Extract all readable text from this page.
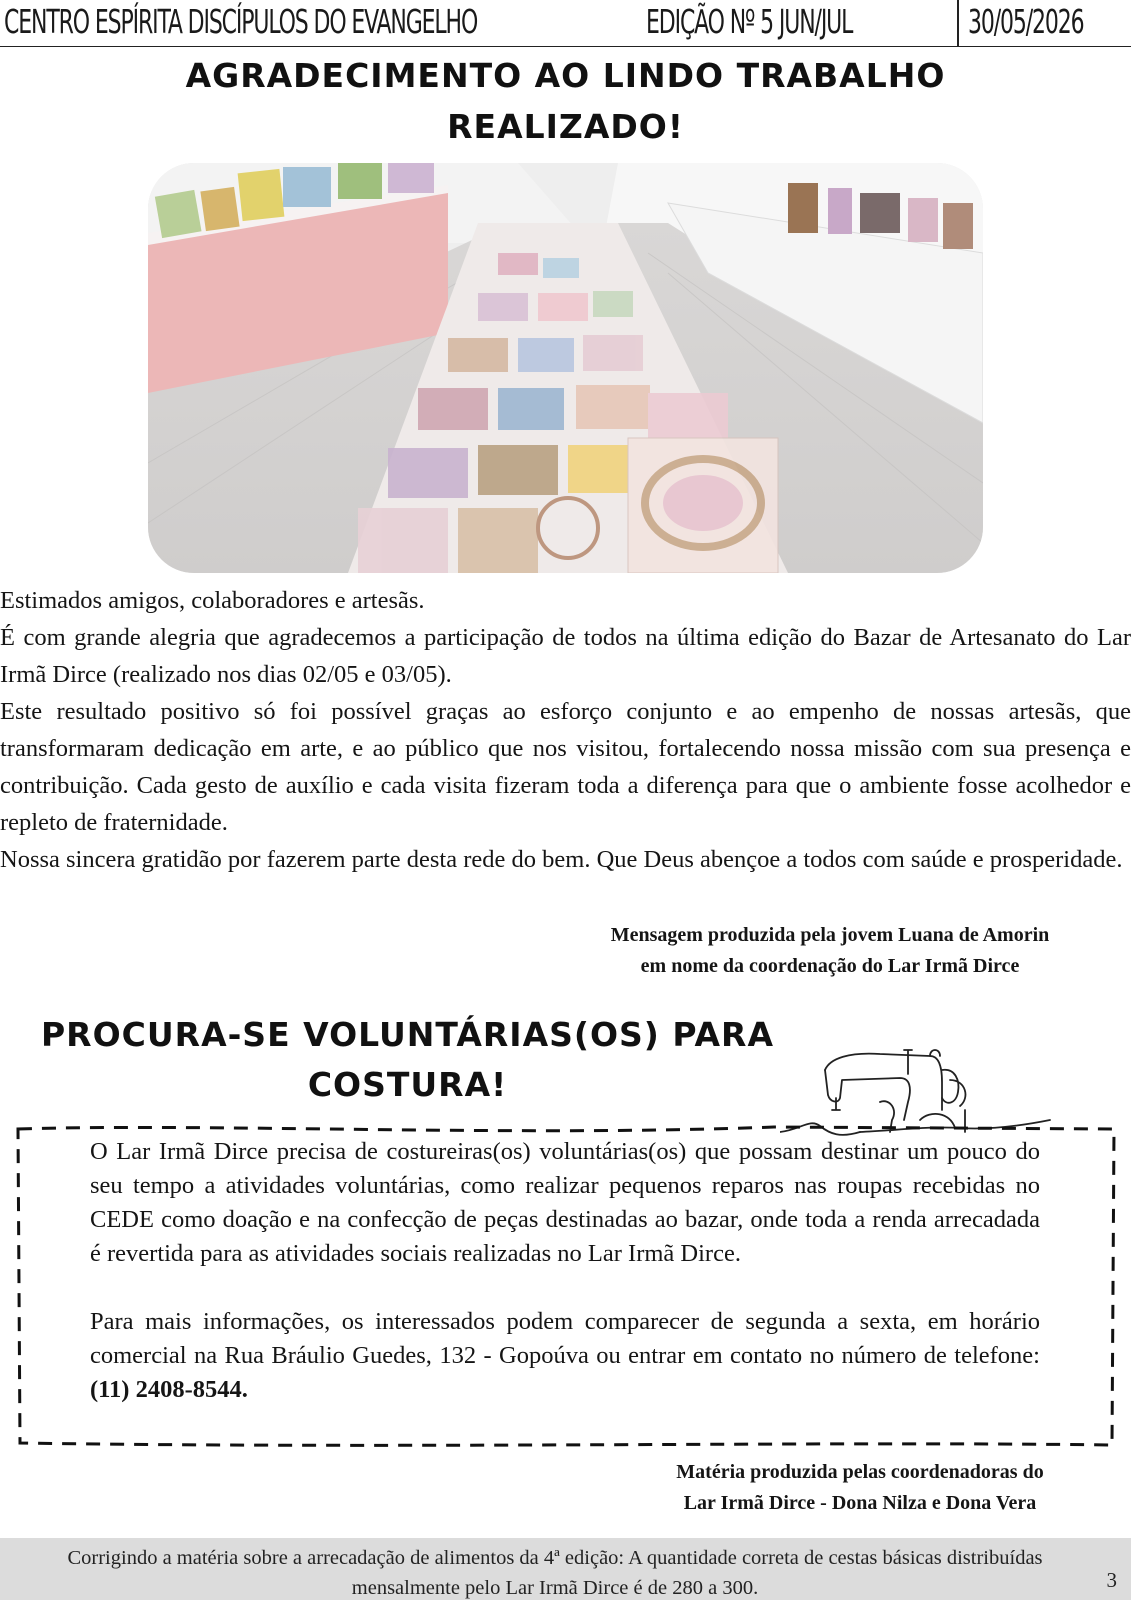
CENTRO ESPÍRITA DISCÍPULOS DO EVANGELHO	EDIÇÃO Nº 5 JUN/JUL	30/05/2026
AGRADECIMENTO AO LINDO TRABALHO
REALIZADO!

Estimados amigos, colaboradores e artesãs.

É com grande alegria que agradecemos a participação de todos na última edição do Bazar de Artesanato do Lar Irmã Dirce (realizado nos dias 02/05 e 03/05).

Este resultado positivo só foi possível graças ao esforço conjunto e ao empenho de nossas artesãs, que transformaram dedicação em arte, e ao público que nos visitou, fortalecendo nossa missão com sua presença e contribuição. Cada gesto de auxílio e cada visita fizeram toda a diferença para que o ambiente fosse acolhedor e repleto de fraternidade.

Nossa sincera gratidão por fazerem parte desta rede do bem. Que Deus abençoe a todos com saúde e prosperidade.

Mensagem produzida pela jovem Luana de Amorin
em nome da coordenação do Lar Irmã Dirce
PROCURA-SE VOLUNTÁRIAS(OS) PARA
COSTURA!

O Lar Irmã Dirce precisa de costureiras(os) voluntárias(os) que possam destinar um pouco do seu tempo a atividades voluntárias, como realizar pequenos reparos nas roupas recebidas no CEDE como doação e na confecção de peças destinadas ao bazar, onde toda a renda arrecadada é revertida para as atividades sociais realizadas no Lar Irmã Dirce.

Para mais informações, os interessados podem comparecer de segunda a sexta, em horário comercial na Rua Bráulio Guedes, 132 - Gopoúva ou entrar em contato no número de telefone: (11) 2408-8544.

Matéria produzida pelas coordenadoras do
Lar Irmã Dirce - Dona Nilza e Dona Vera
Corrigindo a matéria sobre a arrecadação de alimentos da 4ª edição: A quantidade correta de cestas básicas distribuídas mensalmente pelo Lar Irmã Dirce é de 280 a 300.	3
